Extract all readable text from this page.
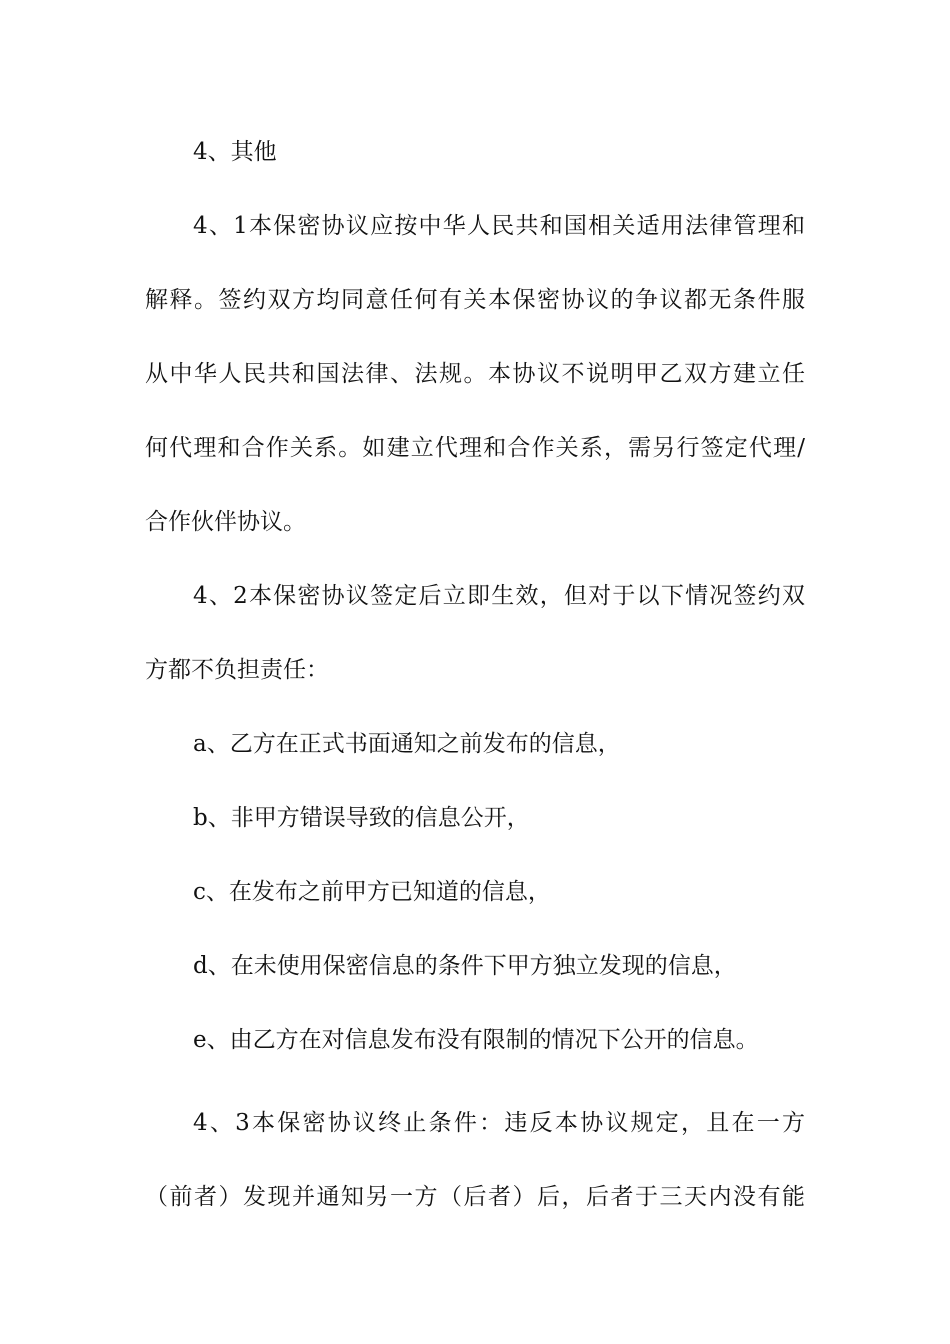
4、其他
4、1本保密协议应按中华人民共和国相关适用法律管理和
解释。签约双方均同意任何有关本保密协议的争议都无条件服
从中华人民共和国法律、法规。本协议不说明甲乙双方建立任
何代理和合作关系。如建立代理和合作关系，需另行签定代理/
合作伙伴协议。
4、2本保密协议签定后立即生效，但对于以下情况签约双
方都不负担责任：
a、乙方在正式书面通知之前发布的信息，
b、非甲方错误导致的信息公开，
c、在发布之前甲方已知道的信息，
d、在未使用保密信息的条件下甲方独立发现的信息，
e、由乙方在对信息发布没有限制的情况下公开的信息。
4、3本保密协议终止条件：违反本协议规定，且在一方
（前者）发现并通知另一方（后者）后，后者于三天内没有能
